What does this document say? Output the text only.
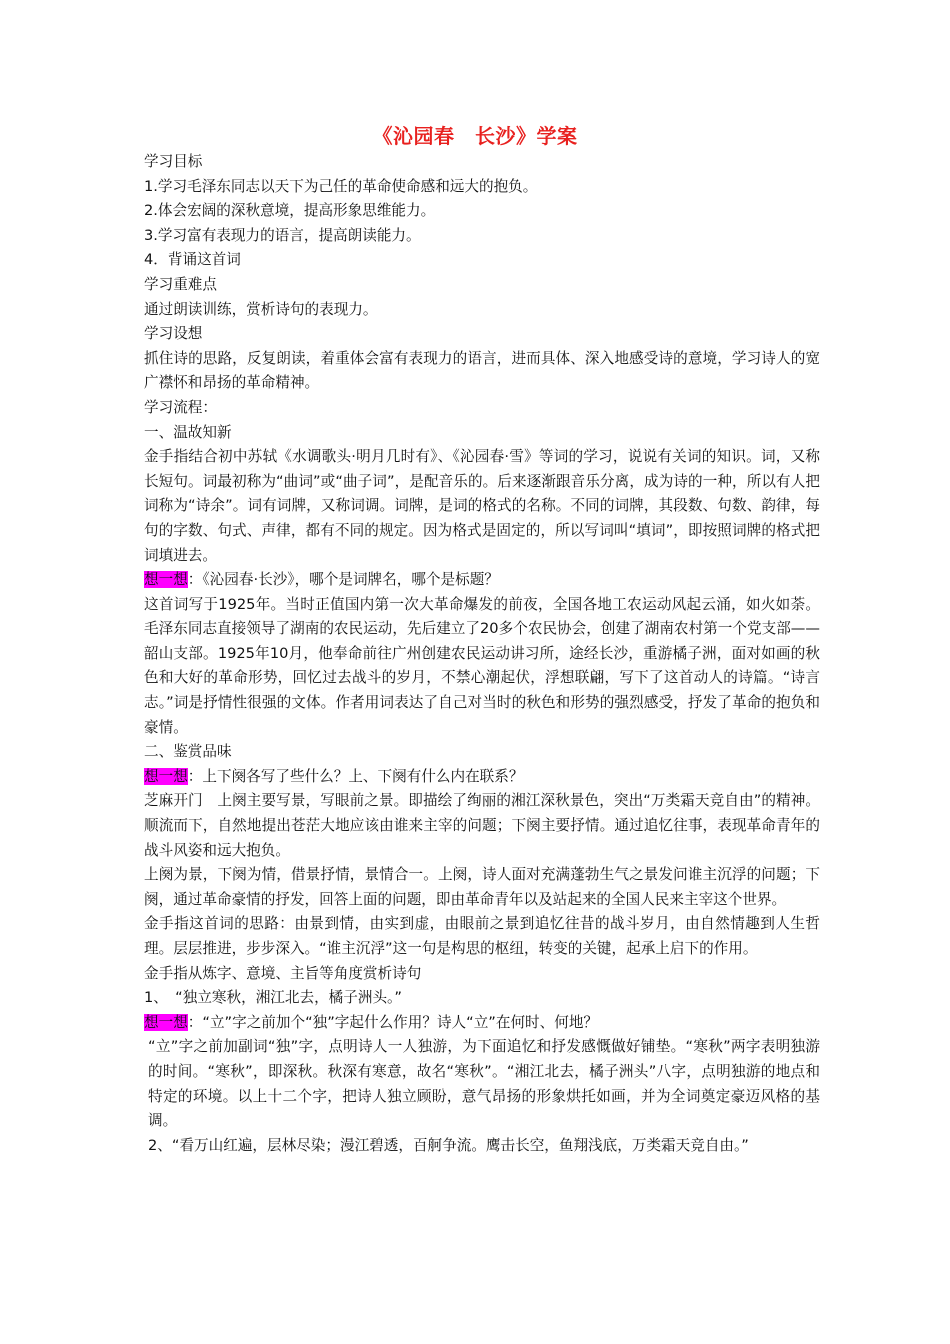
《沁园春　长沙》学案

学习目标

1.学习毛泽东同志以天下为己任的革命使命感和远大的抱负。

2.体会宏阔的深秋意境，提高形象思维能力。

3.学习富有表现力的语言，提高朗读能力。

4．背诵这首词

学习重难点

通过朗读训练，赏析诗句的表现力。

学习设想

抓住诗的思路，反复朗读，着重体会富有表现力的语言，进而具体、深入地感受诗的意境，学习诗人的宽广襟怀和昂扬的革命精神。

学习流程：

一、温故知新

金手指结合初中苏轼《水调歌头·明月几时有》、《沁园春·雪》等词的学习，说说有关词的知识。词，又称长短句。词最初称为“曲词”或“曲子词”，是配音乐的。后来逐渐跟音乐分离，成为诗的一种，所以有人把词称为“诗余”。词有词牌，又称词调。词牌，是词的格式的名称。不同的词牌，其段数、句数、韵律，每句的字数、句式、声律，都有不同的规定。因为格式是固定的，所以写词叫“填词”，即按照词牌的格式把词填进去。

想一想：《沁园春·长沙》，哪个是词牌名，哪个是标题？

这首词写于1925年。当时正值国内第一次大革命爆发的前夜，全国各地工农运动风起云涌，如火如荼。毛泽东同志直接领导了湖南的农民运动，先后建立了20多个农民协会，创建了湖南农村第一个党支部——韶山支部。1925年10月，他奉命前往广州创建农民运动讲习所，途经长沙，重游橘子洲，面对如画的秋色和大好的革命形势，回忆过去战斗的岁月，不禁心潮起伏，浮想联翩，写下了这首动人的诗篇。“诗言志。”词是抒情性很强的文体。作者用词表达了自己对当时的秋色和形势的强烈感受，抒发了革命的抱负和豪情。

二、鉴赏品味

想一想：上下阕各写了些什么？上、下阕有什么内在联系？

芝麻开门　上阕主要写景，写眼前之景。即描绘了绚丽的湘江深秋景色，突出“万类霜天竞自由”的精神。顺流而下，自然地提出苍茫大地应该由谁来主宰的问题；下阕主要抒情。通过追忆往事，表现革命青年的战斗风姿和远大抱负。

上阕为景，下阕为情，借景抒情，景情合一。上阕，诗人面对充满蓬勃生气之景发问谁主沉浮的问题；下阕，通过革命豪情的抒发，回答上面的问题，即由革命青年以及站起来的全国人民来主宰这个世界。

金手指这首词的思路：由景到情，由实到虚，由眼前之景到追忆往昔的战斗岁月，由自然情趣到人生哲理。层层推进，步步深入。“谁主沉浮”这一句是构思的枢纽，转变的关键，起承上启下的作用。

金手指从炼字、意境、主旨等角度赏析诗句

1、　“独立寒秋，湘江北去，橘子洲头。”

想一想：“立”字之前加个“独”字起什么作用？诗人“立”在何时、何地？

“立”字之前加副词“独”字，点明诗人一人独游，为下面追忆和抒发感慨做好铺垫。“寒秋”两字表明独游的时间。“寒秋”，即深秋。秋深有寒意，故名“寒秋”。“湘江北去，橘子洲头”八字，点明独游的地点和特定的环境。以上十二个字，把诗人独立顾盼，意气昂扬的形象烘托如画，并为全词奠定豪迈风格的基调。

2、“看万山红遍，层林尽染；漫江碧透，百舸争流。鹰击长空，鱼翔浅底，万类霜天竞自由。”
